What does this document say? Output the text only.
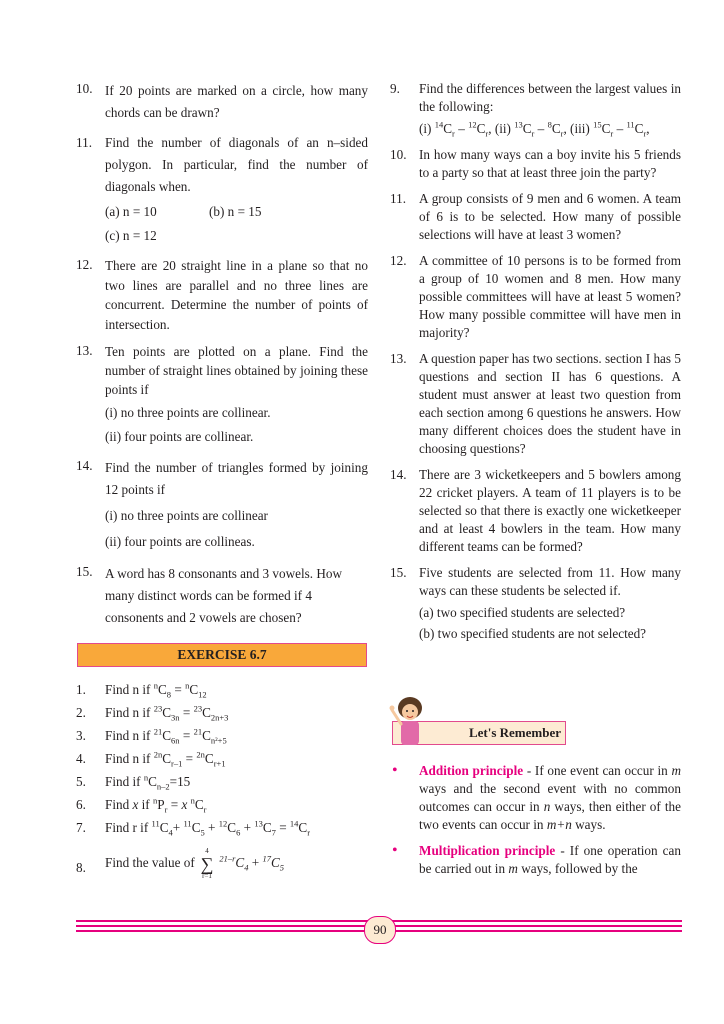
10. If 20 points are marked on a circle, how many chords can be drawn?
11. Find the number of diagonals of an n–sided polygon. In particular, find the number of diagonals when.
(a) n = 10	(b) n = 15
(c) n = 12
12. There are 20 straight line in a plane so that no two lines are parallel and no three lines are concurrent. Determine the number of points of intersection.
13. Ten points are plotted on a plane. Find the number of straight lines obtained by joining these points if
(i) no three points are collinear.
(ii) four points are collinear.
14. Find the number of triangles formed by joining 12 points if
(i) no three points are collinear
(ii) four points are collineas.
15. A word has 8 consonants and 3 vowels. How many distinct words can be formed if 4 consonents and 2 vowels are chosen?
EXERCISE 6.7
1. Find n if $^nC_8 = ^nC_{12}$
2. Find n if $^{23}C_{3n} = ^{23}C_{2n+3}$
3. Find n if $^{21}C_{6n} = ^{21}C_{n^2+5}$
4. Find n if $^{2n}C_{r-1} = ^{2n}C_{r+1}$
5. Find if $^nC_{n-2}=15$
6. Find x if $^nP_r = x$ $^nC_r$
7. Find r if $^{11}C_4+ ^{11}C_5 + ^{12}C_6 + ^{13}C_7 = ^{14}C_r$
8. Find the value of
4
∑
r=1
$^{21-r}C_4 + ^{17}C_5$
9. Find the differences between the largest values in the following:
(i) $^{14}C_r - ^{12}C_r$, (ii) $^{13}C_r - ^8C_r$, (iii) $^{15}C_r - ^{11}C_r$,
10. In how many ways can a boy invite his 5 friends to a party so that at least three join the party?
11. A group consists of 9 men and 6 women. A team of 6 is to be selected. How many of possible selections will have at least 3 women?
12. A committee of 10 persons is to be formed from a group of 10 women and 8 men. How many possible committees will have at least 5 women? How many possible committee will have men in majority?
13. A question paper has two sections. section I has 5 questions and section II has 6 questions. A student must answer at least two question from each section among 6 questions he answers. How many different choices does the student have in choosing questions?
14. There are 3 wicketkeepers and 5 bowlers among 22 cricket players. A team of 11 players is to be selected so that there is exactly one wicketkeeper and at least 4 bowlers in the team. How many different teams can be formed?
15. Five students are selected from 11. How many ways can these students be selected if.
(a) two specified students are selected?
(b) two specified students are not selected?
Let's Remember
• Addition principle - If one event can occur in m ways and the second event with no common outcomes can occur in n ways, then either of the two events can occur in m+n ways.
• Multiplication principle - If one operation can be carried out in m ways, followed by the
90
